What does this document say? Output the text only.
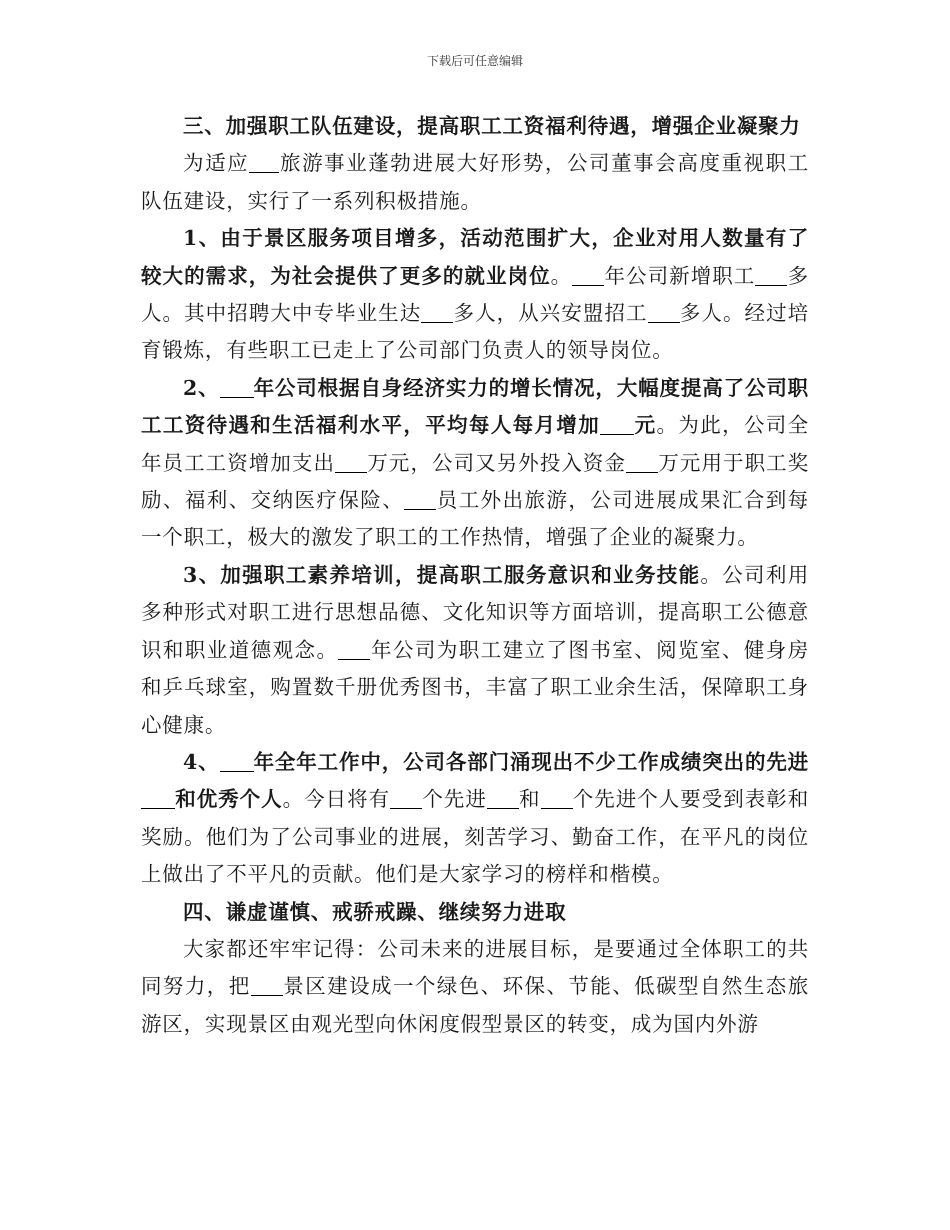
下载后可任意编辑

三、加强职工队伍建设，提高职工工资福利待遇，增强企业凝聚力

为适应 旅游事业蓬勃进展大好形势，公司董事会高度重视职工队伍建设，实行了一系列积极措施。

1、由于景区服务项目增多，活动范围扩大，企业对用人数量有了较大的需求，为社会提供了更多的就业岗位。 年公司新增职工 多人。其中招聘大中专毕业生达 多人，从兴安盟招工 多人。经过培育锻炼，有些职工已走上了公司部门负责人的领导岗位。

2、 年公司根据自身经济实力的增长情况，大幅度提高了公司职工工资待遇和生活福利水平，平均每人每月增加 元。为此，公司全年员工工资增加支出 万元，公司又另外投入资金 万元用于职工奖励、福利、交纳医疗保险、 员工外出旅游，公司进展成果汇合到每一个职工，极大的激发了职工的工作热情，增强了企业的凝聚力。

3、加强职工素养培训，提高职工服务意识和业务技能。公司利用多种形式对职工进行思想品德、文化知识等方面培训，提高职工公德意识和职业道德观念。 年公司为职工建立了图书室、阅览室、健身房和乒乓球室，购置数千册优秀图书，丰富了职工业余生活，保障职工身心健康。

4、 年全年工作中，公司各部门涌现出不少工作成绩突出的先进和优秀个人。今日将有 个先进 和 个先进个人要受到表彰和奖励。他们为了公司事业的进展，刻苦学习、勤奋工作，在平凡的岗位上做出了不平凡的贡献。他们是大家学习的榜样和楷模。

四、谦虚谨慎、戒骄戒躁、继续努力进取

大家都还牢牢记得：公司未来的进展目标，是要通过全体职工的共同努力，把 景区建设成一个绿色、环保、节能、低碳型自然生态旅游区，实现景区由观光型向休闲度假型景区的转变，成为国内外游
